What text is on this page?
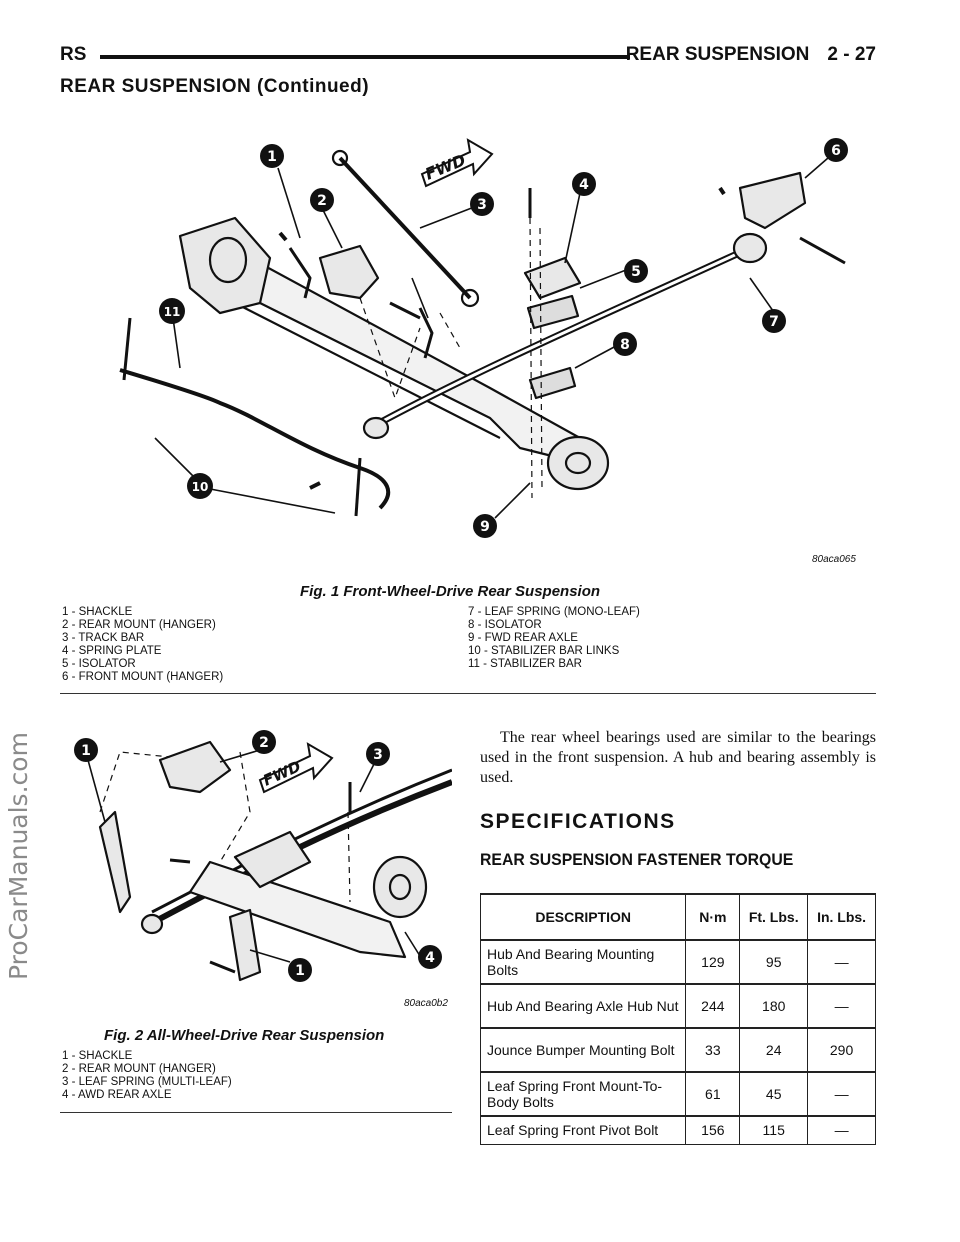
ProCarManuals.com
RS	REAR SUSPENSION 2 - 27
REAR SUSPENSION (Continued)
FWD
1
2	3
4
5
6
7
8
9
10
11
80aca065
Fig. 1 Front-Wheel-Drive Rear Suspension
1 - SHACKLE
2 - REAR MOUNT (HANGER)
3 - TRACK BAR
4 - SPRING PLATE
5 - ISOLATOR
6 - FRONT MOUNT (HANGER)
7 - LEAF SPRING (MONO-LEAF)
8 - ISOLATOR
9 - FWD REAR AXLE
10 - STABILIZER BAR LINKS
11 - STABILIZER BAR
FWD
1	2
3
1
4
80aca0b2
Fig. 2 All-Wheel-Drive Rear Suspension
1 - SHACKLE
2 - REAR MOUNT (HANGER)
3 - LEAF SPRING (MULTI-LEAF)
4 - AWD REAR AXLE

The rear wheel bearings used are similar to the bearings used in the front suspension. A hub and bearing assembly is used.

SPECIFICATIONS
REAR SUSPENSION FASTENER TORQUE
DESCRIPTION	N·m	Ft. Lbs.	In. Lbs.
Hub And Bearing Mounting Bolts	129	95	—
Hub And Bearing Axle Hub Nut	244	180	—
Jounce Bumper Mounting Bolt	33	24	290
Leaf Spring Front Mount-To-Body Bolts	61	45	—
Leaf Spring Front Pivot Bolt	156	115	—
